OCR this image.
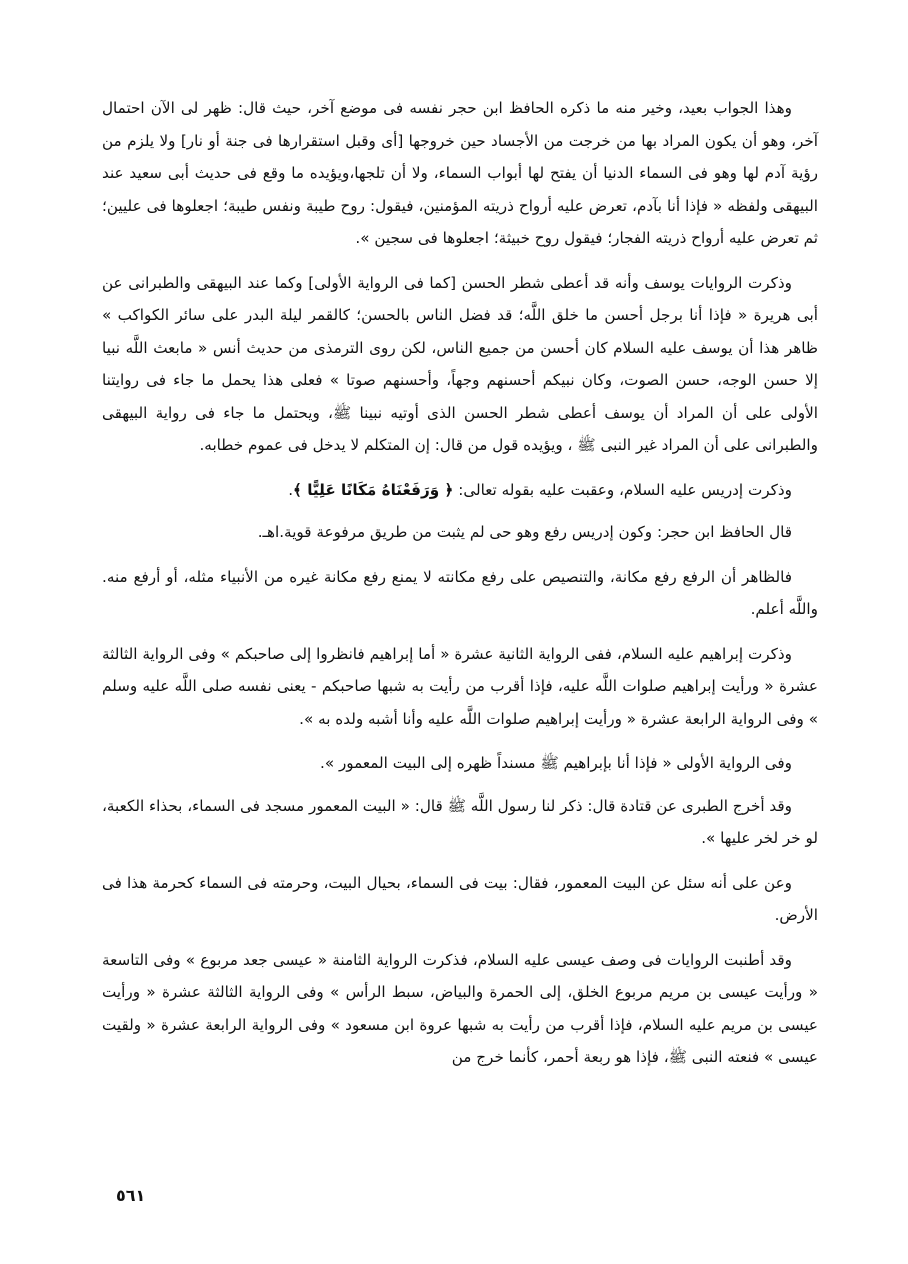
وهذا الجواب بعيد، وخير منه ما ذكره الحافظ ابن حجر نفسه فى موضع آخر، حيث قال: ظهر لى الآن احتمال آخر، وهو أن يكون المراد بها من خرجت من الأجساد حين خروجها [أى وقبل استقرارها فى جنة أو نار] ولا يلزم من رؤية آدم لها وهو فى السماء الدنيا أن يفتح لها أبواب السماء، ولا أن تلجها،ويؤيده ما وقع فى حديث أبى سعيد عند البيهقى ولفظه « فإذا أنا بآدم، تعرض عليه أرواح ذريته المؤمنين، فيقول: روح طيبة ونفس طيبة؛ اجعلوها فى عليين؛ ثم تعرض عليه أرواح ذريته الفجار؛ فيقول روح خبيثة؛ اجعلوها فى سجين ».

وذكرت الروايات يوسف وأنه قد أعطى شطر الحسن [كما فى الرواية الأولى] وكما عند البيهقى والطبرانى عن أبى هريرة « فإذا أنا برجل أحسن ما خلق اللَّه؛ قد فضل الناس بالحسن؛ كالقمر ليلة البدر على سائر الكواكب » ظاهر هذا أن يوسف عليه السلام كان أحسن من جميع الناس، لكن روى الترمذى من حديث أنس « مابعث اللَّه نبيا إلا حسن الوجه، حسن الصوت، وكان نبيكم أحسنهم وجهاً، وأحسنهم صوتا » فعلى هذا يحمل ما جاء فى روايتنا الأولى على أن المراد أن يوسف أعطى شطر الحسن الذى أوتيه نبينا ﷺ، ويحتمل ما جاء فى رواية البيهقى والطبرانى على أن المراد غير النبى ﷺ ، ويؤيده قول من قال: إن المتكلم لا يدخل فى عموم خطابه.

وذكرت إدريس عليه السلام، وعقبت عليه بقوله تعالى: ﴿ وَرَفَعْنَاهُ مَكَانًا عَلِيًّا ﴾.

قال الحافظ ابن حجر: وكون إدريس رفع وهو حى لم يثبت من طريق مرفوعة قوية.اهـ.

فالظاهر أن الرفع رفع مكانة، والتنصيص على رفع مكانته لا يمنع رفع مكانة غيره من الأنبياء مثله، أو أرفع منه. واللَّه أعلم.

وذكرت إبراهيم عليه السلام، ففى الرواية الثانية عشرة « أما إبراهيم فانظروا إلى صاحبكم » وفى الرواية الثالثة عشرة « ورأيت إبراهيم صلوات اللَّه عليه، فإذا أقرب من رأيت به شبها صاحبكم - يعنى نفسه صلى اللَّه عليه وسلم » وفى الرواية الرابعة عشرة « ورأيت إبراهيم صلوات اللَّه عليه وأنا أشبه ولده به ».

وفى الرواية الأولى « فإذا أنا بإبراهيم ﷺ مسنداً ظهره إلى البيت المعمور ».

وقد أخرج الطبرى عن قتادة قال: ذكر لنا رسول اللَّه ﷺ قال: « البيت المعمور مسجد فى السماء، بحذاء الكعبة، لو خر لخر عليها ».

وعن على أنه سئل عن البيت المعمور، فقال: بيت فى السماء، بحيال البيت، وحرمته فى السماء كحرمة هذا فى الأرض.

وقد أطنبت الروايات فى وصف عيسى عليه السلام، فذكرت الرواية الثامنة « عيسى جعد مربوع » وفى التاسعة « ورأيت عيسى بن مريم مربوع الخلق، إلى الحمرة والبياض، سبط الرأس » وفى الرواية الثالثة عشرة « ورأيت عيسى بن مريم عليه السلام، فإذا أقرب من رأيت به شبها عروة ابن مسعود » وفى الرواية الرابعة عشرة « ولقيت عيسى » فنعته النبى ﷺ، فإذا هو ربعة أحمر، كأنما خرج من

٥٦١
